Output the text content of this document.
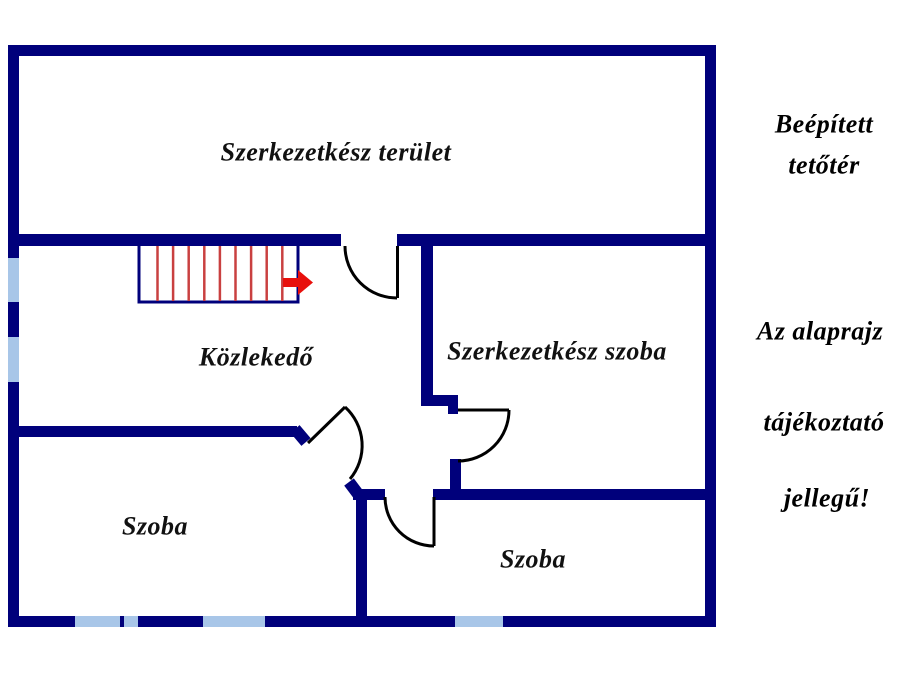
Szerkezetkész terület
Közlekedő	Szerkezetkész szoba
Szoba
Szoba
Beépített
tetőtér
Az alaprajz
tájékoztató
jellegű!
